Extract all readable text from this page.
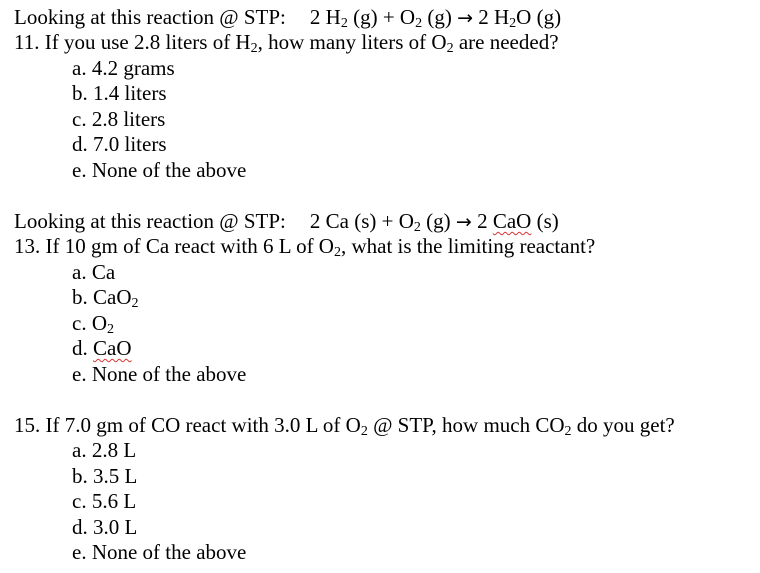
Looking at this reaction @ STP: 2 $H_2$ $(g) + O_2$ (g) → 2 $H_2O$ (g)
11. If you use 2.8 liters of $H_2$, how many liters of $O_2$ are needed?
a. 4.2 grams
b. 1.4 liters
c. 2.8 liters
d. 7.0 liters
e. None of the above
Looking at this reaction @ STP: 2 Ca $(s) + O_2$ (g) → 2 CaO (s)
13. If 10 gm of Ca react with 6 L of $O_2$, what is the limiting reactant?
a. Ca
b. CaO$_2$
c. $O_2$
d. CaO
e. None of the above
15. If 7.0 gm of CO react with 3.0 L of $O_2$ @ STP, how much $CO_2$ do you get?
a. 2.8 L
b. 3.5 L
c. 5.6 L
d. 3.0 L
e. None of the above
